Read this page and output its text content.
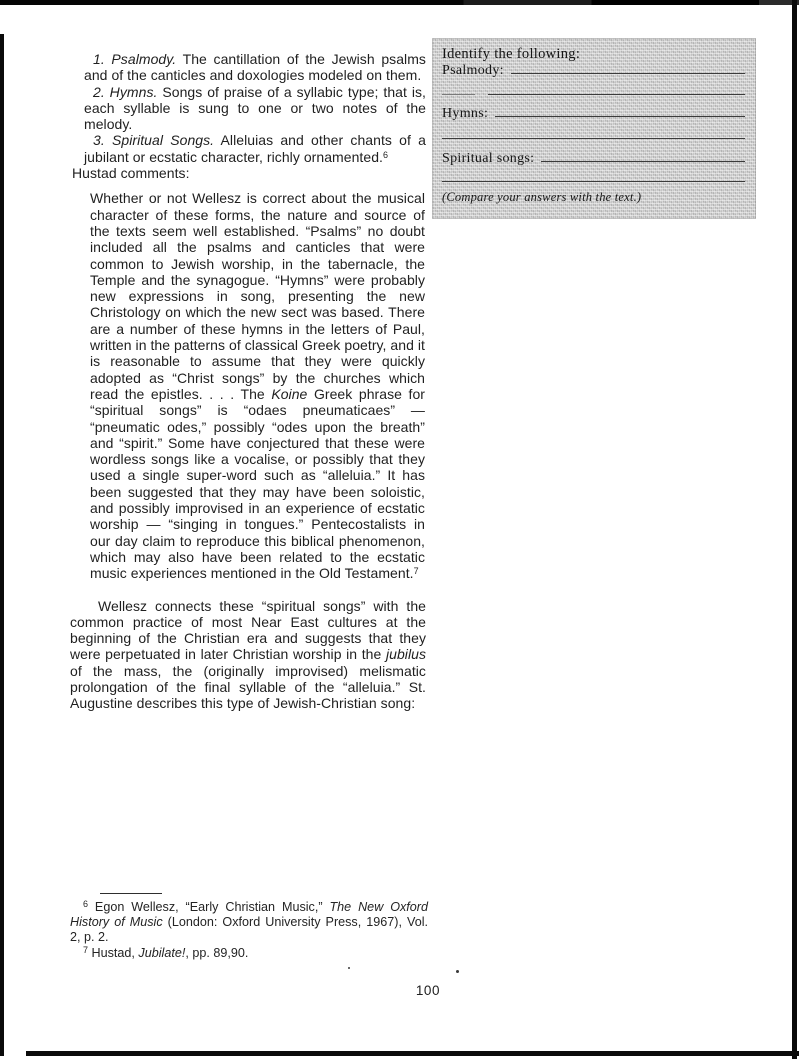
1. Psalmody. The cantillation of the Jewish psalms and of the canticles and doxologies modeled on them.
2. Hymns. Songs of praise of a syllabic type; that is, each syllable is sung to one or two notes of the melody.
3. Spiritual Songs. Alleluias and other chants of a jubilant or ecstatic character, richly ornamented.$^6$

Hustad comments:

Whether or not Wellesz is correct about the musical character of these forms, the nature and source of the texts seem well established. “Psalms” no doubt included all the psalms and canticles that were common to Jewish worship, in the tabernacle, the Temple and the synagogue. “Hymns” were probably new expressions in song, presenting the new Christology on which the new sect was based. There are a number of these hymns in the letters of Paul, written in the patterns of classical Greek poetry, and it is reasonable to assume that they were quickly adopted as “Christ songs” by the churches which read the epistles. . . . The Koine Greek phrase for “spiritual songs” is “odaes pneumaticaes” — “pneumatic odes,” possibly “odes upon the breath” and “spirit.” Some have conjectured that these were wordless songs like a vocalise, or possibly that they used a single super-word such as “alleluia.” It has been suggested that they may have been soloistic, and possibly improvised in an experience of ecstatic worship — “singing in tongues.” Pentecostalists in our day claim to reproduce this biblical phenomenon, which may also have been related to the ecstatic music experiences mentioned in the Old Testament.$^7$

Wellesz connects these “spiritual songs” with the common practice of most Near East cultures at the beginning of the Christian era and suggests that they were perpetuated in later Christian worship in the jubilus of the mass, the (originally improvised) melismatic prolongation of the final syllable of the “alleluia.” St. Augustine describes this type of Jewish-Christian song:

$^6$ Egon Wellesz, “Early Christian Music,” The New Oxford History of Music (London: Oxford University Press, 1967), Vol. 2, p. 2.

$^7$ Hustad, Jubilate!, pp. 89,90.

100
Identify the following:
Psalmody:
Hymns:
Spiritual songs:
(Compare your answers with the text.)
